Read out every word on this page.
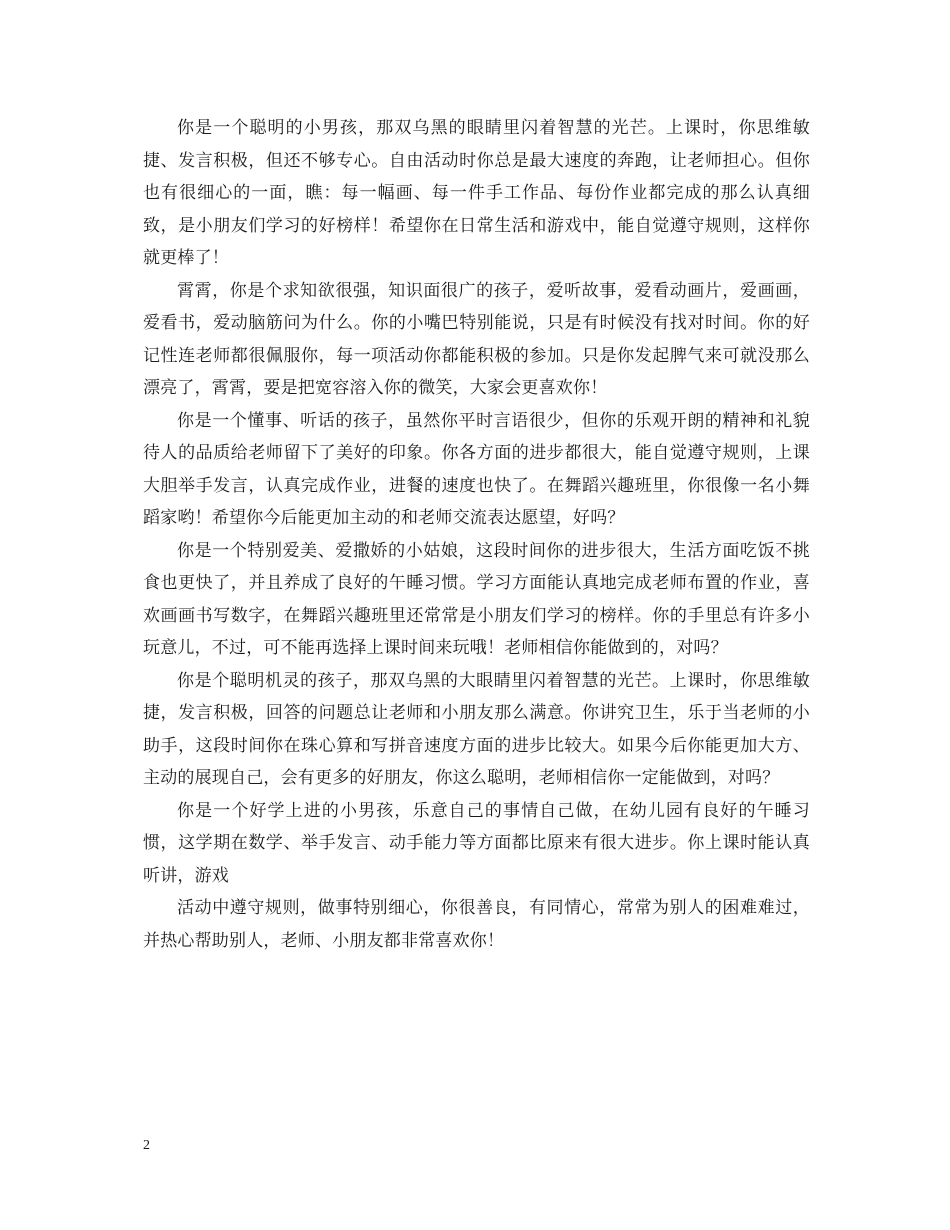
你是一个聪明的小男孩，那双乌黑的眼睛里闪着智慧的光芒。上课时，你思维敏捷、发言积极，但还不够专心。自由活动时你总是最大速度的奔跑，让老师担心。但你也有很细心的一面，瞧：每一幅画、每一件手工作品、每份作业都完成的那么认真细致，是小朋友们学习的好榜样！希望你在日常生活和游戏中，能自觉遵守规则，这样你就更棒了！

霄霄，你是个求知欲很强，知识面很广的孩子，爱听故事，爱看动画片，爱画画，爱看书，爱动脑筋问为什么。你的小嘴巴特别能说，只是有时候没有找对时间。你的好记性连老师都很佩服你，每一项活动你都能积极的参加。只是你发起脾气来可就没那么漂亮了，霄霄，要是把宽容溶入你的微笑，大家会更喜欢你！

你是一个懂事、听话的孩子，虽然你平时言语很少，但你的乐观开朗的精神和礼貌待人的品质给老师留下了美好的印象。你各方面的进步都很大，能自觉遵守规则，上课大胆举手发言，认真完成作业，进餐的速度也快了。在舞蹈兴趣班里，你很像一名小舞蹈家哟！希望你今后能更加主动的和老师交流表达愿望，好吗？

你是一个特别爱美、爱撒娇的小姑娘，这段时间你的进步很大，生活方面吃饭不挑食也更快了，并且养成了良好的午睡习惯。学习方面能认真地完成老师布置的作业，喜欢画画书写数字，在舞蹈兴趣班里还常常是小朋友们学习的榜样。你的手里总有许多小玩意儿，不过，可不能再选择上课时间来玩哦！老师相信你能做到的，对吗？

你是个聪明机灵的孩子，那双乌黑的大眼睛里闪着智慧的光芒。上课时，你思维敏捷，发言积极，回答的问题总让老师和小朋友那么满意。你讲究卫生，乐于当老师的小助手，这段时间你在珠心算和写拼音速度方面的进步比较大。如果今后你能更加大方、主动的展现自己，会有更多的好朋友，你这么聪明，老师相信你一定能做到，对吗？

你是一个好学上进的小男孩，乐意自己的事情自己做，在幼儿园有良好的午睡习惯，这学期在数学、举手发言、动手能力等方面都比原来有很大进步。你上课时能认真听讲，游戏

活动中遵守规则，做事特别细心，你很善良，有同情心，常常为别人的困难难过，并热心帮助别人，老师、小朋友都非常喜欢你！

2
